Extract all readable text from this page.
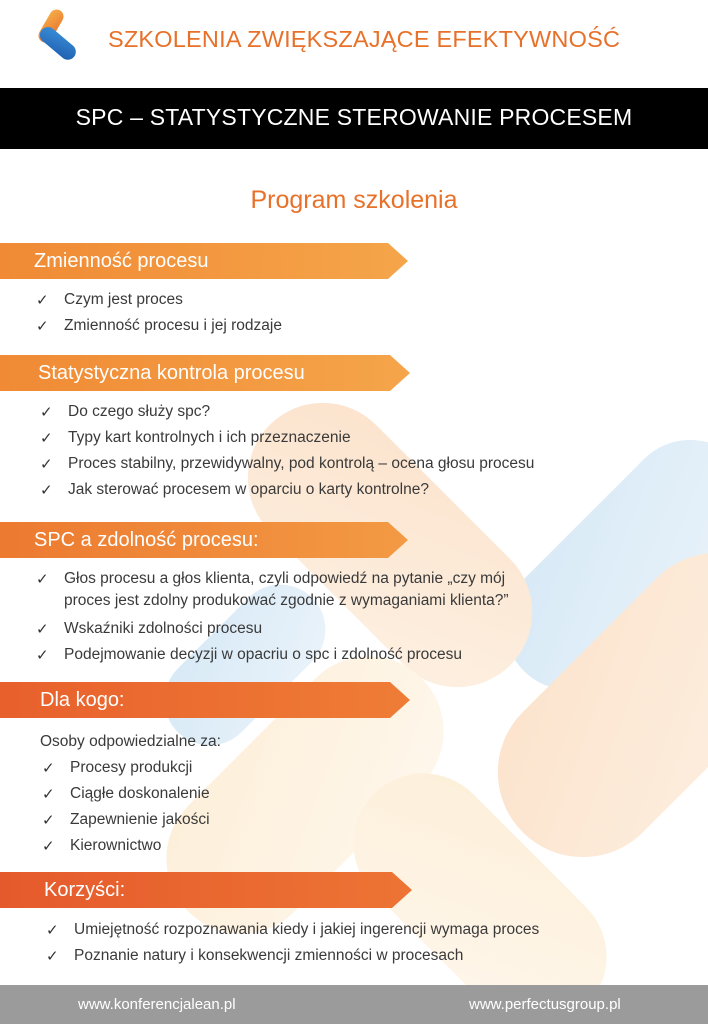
SZKOLENIA ZWIĘKSZAJĄCE EFEKTYWNOŚĆ
SPC – STATYSTYCZNE STEROWANIE PROCESEM
Program szkolenia
Zmienność procesu
✓ Czym jest proces
✓ Zmienność procesu i jej rodzaje
Statystyczna kontrola procesu
✓ Do czego służy spc?
✓ Typy kart kontrolnych i ich przeznaczenie
✓ Proces stabilny, przewidywalny, pod kontrolą – ocena głosu procesu
✓ Jak sterować procesem w oparciu o karty kontrolne?
SPC a zdolność procesu:
✓ Głos procesu a głos klienta, czyli odpowiedź na pytanie „czy mój
proces jest zdolny produkować zgodnie z wymaganiami klienta?”
✓ Wskaźniki zdolności procesu
✓ Podejmowanie decyzji w opacriu o spc i zdolność procesu
Dla kogo:
Osoby odpowiedzialne za:
✓ Procesy produkcji
✓ Ciągłe doskonalenie
✓ Zapewnienie jakości
✓ Kierownictwo
Korzyści:
✓ Umiejętność rozpoznawania kiedy i jakiej ingerencji wymaga proces
✓ Poznanie natury i konsekwencji zmienności w procesach
www.konferencjalean.pl	www.perfectusgroup.pl
